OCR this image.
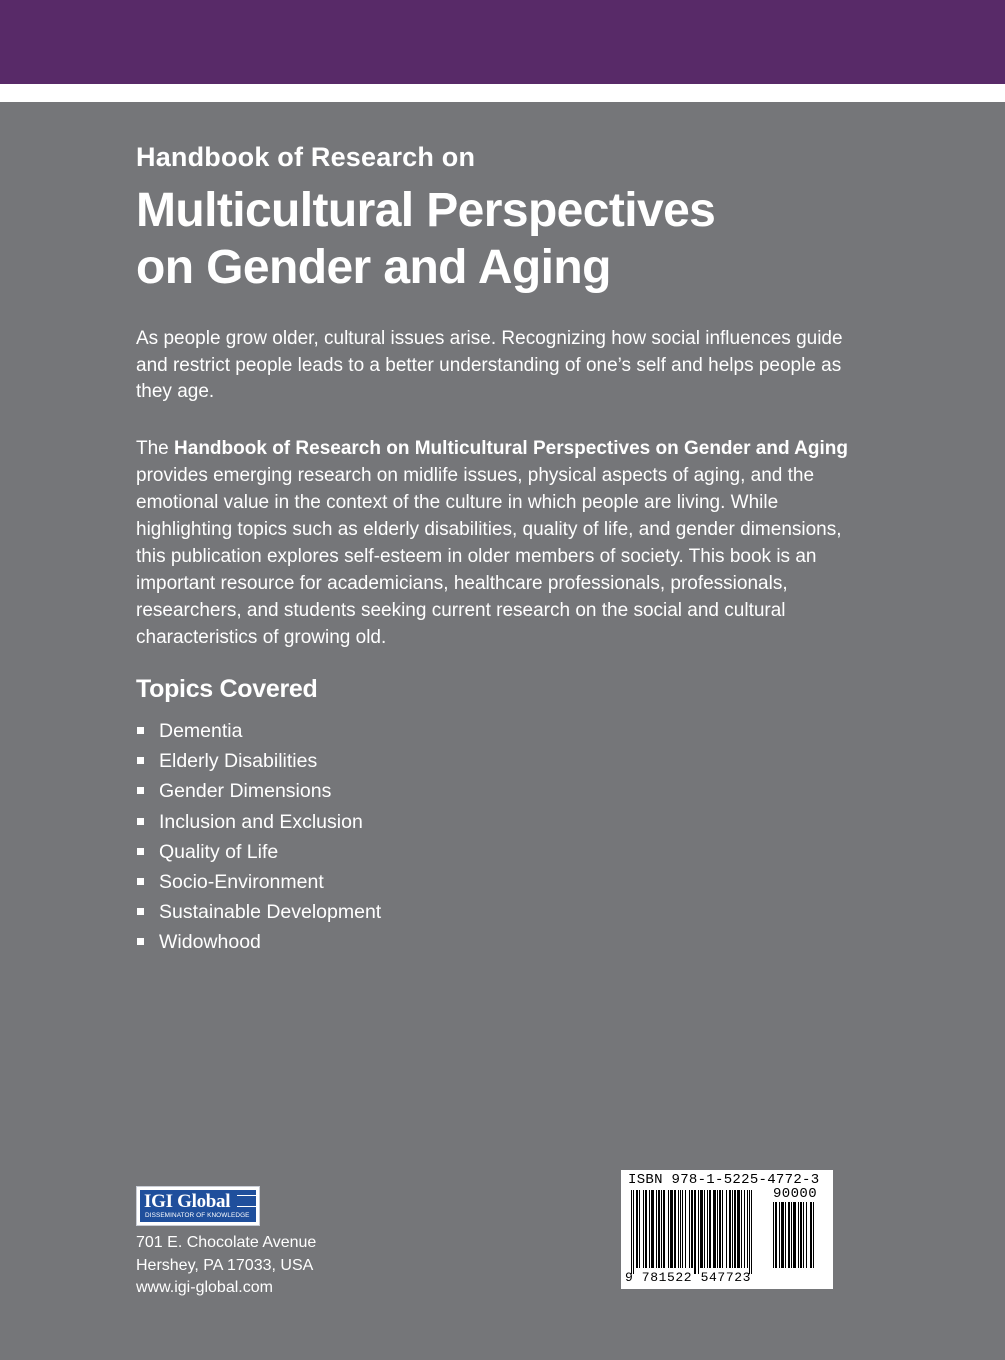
Handbook of Research on
Multicultural Perspectives
on Gender and Aging
As people grow older, cultural issues arise. Recognizing how social influences guide and restrict people leads to a better understanding of one’s self and helps people as they age.
The Handbook of Research on Multicultural Perspectives on Gender and Aging provides emerging research on midlife issues, physical aspects of aging, and the emotional value in the context of the culture in which people are living. While highlighting topics such as elderly disabilities, quality of life, and gender dimensions, this publication explores self-esteem in older members of society. This book is an important resource for academicians, healthcare professionals, professionals, researchers, and students seeking current research on the social and cultural characteristics of growing old.
Topics Covered
Dementia
Elderly Disabilities
Gender Dimensions
Inclusion and Exclusion
Quality of Life
Socio-Environment
Sustainable Development
Widowhood
IGI Global
DISSEMINATOR OF KNOWLEDGE
701 E. Chocolate Avenue
Hershey, PA 17033, USA
www.igi-global.com
ISBN 978-1-5225-4772-3
90000
9 781522 547723
